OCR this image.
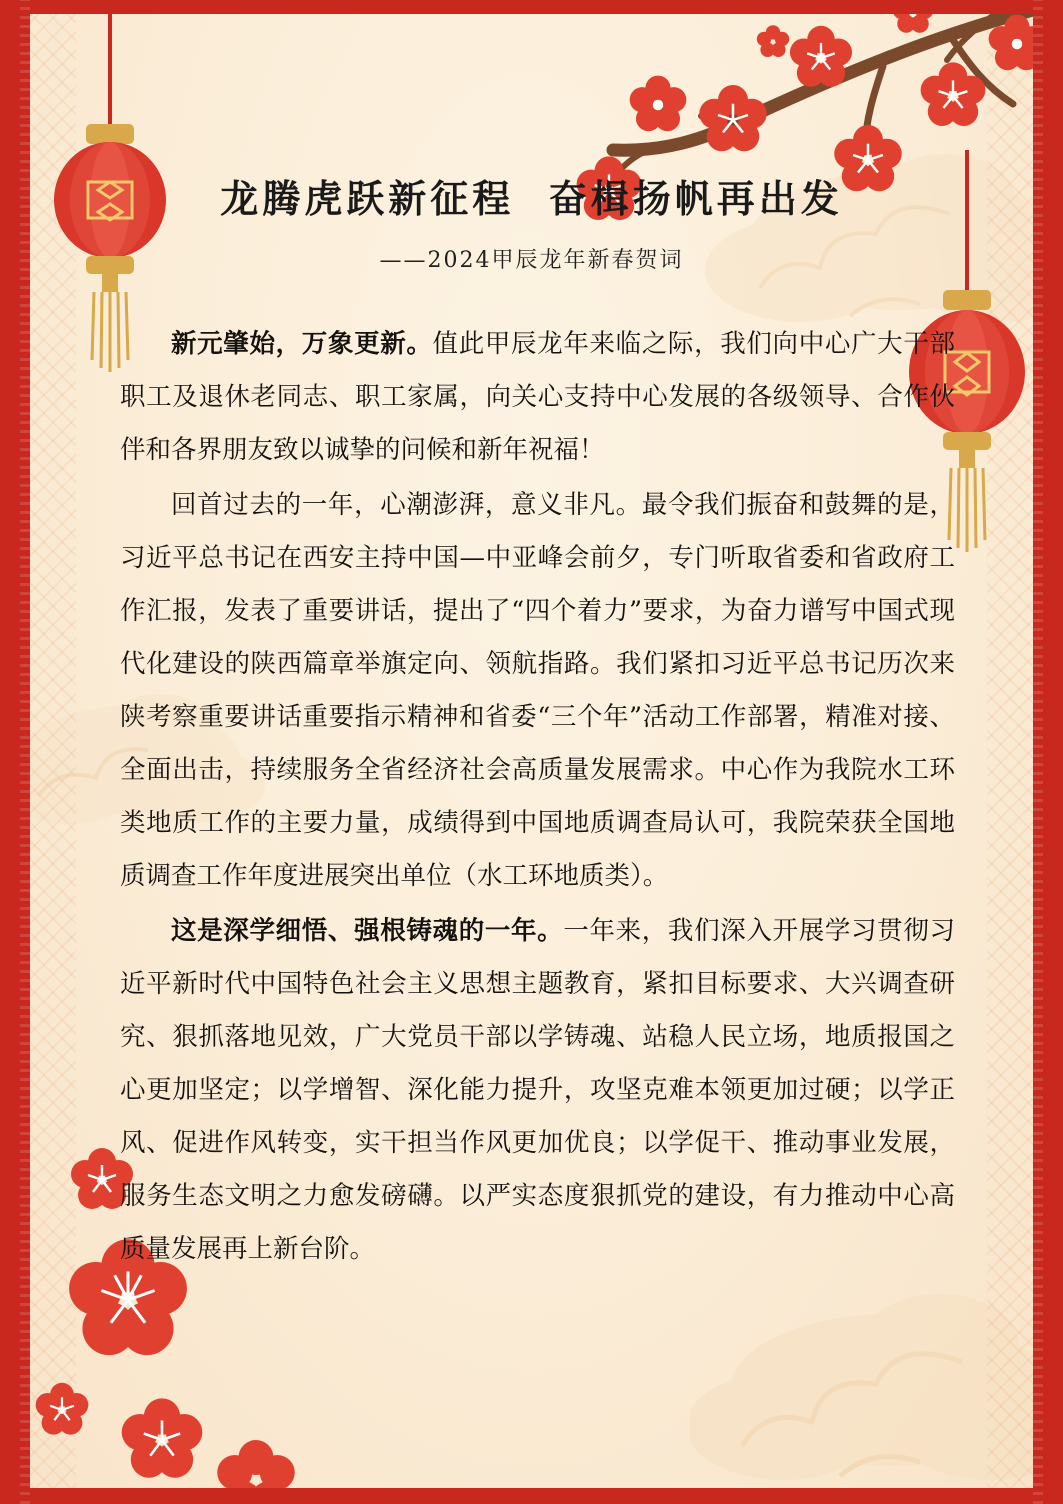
龙腾虎跃新征程  奋楫扬帆再出发
——2024甲辰龙年新春贺词

新元肇始，万象更新。值此甲辰龙年来临之际，我们向中心广大干部职工及退休老同志、职工家属，向关心支持中心发展的各级领导、合作伙伴和各界朋友致以诚挚的问候和新年祝福！

回首过去的一年，心潮澎湃，意义非凡。最令我们振奋和鼓舞的是，习近平总书记在西安主持中国—中亚峰会前夕，专门听取省委和省政府工作汇报，发表了重要讲话，提出了“四个着力”要求，为奋力谱写中国式现代化建设的陕西篇章举旗定向、领航指路。我们紧扣习近平总书记历次来陕考察重要讲话重要指示精神和省委“三个年”活动工作部署，精准对接、全面出击，持续服务全省经济社会高质量发展需求。中心作为我院水工环类地质工作的主要力量，成绩得到中国地质调查局认可，我院荣获全国地质调查工作年度进展突出单位（水工环地质类）。

这是深学细悟、强根铸魂的一年。一年来，我们深入开展学习贯彻习近平新时代中国特色社会主义思想主题教育，紧扣目标要求、大兴调查研究、狠抓落地见效，广大党员干部以学铸魂、站稳人民立场，地质报国之心更加坚定；以学增智、深化能力提升，攻坚克难本领更加过硬；以学正风、促进作风转变，实干担当作风更加优良；以学促干、推动事业发展，服务生态文明之力愈发磅礴。以严实态度狠抓党的建设，有力推动中心高质量发展再上新台阶。
